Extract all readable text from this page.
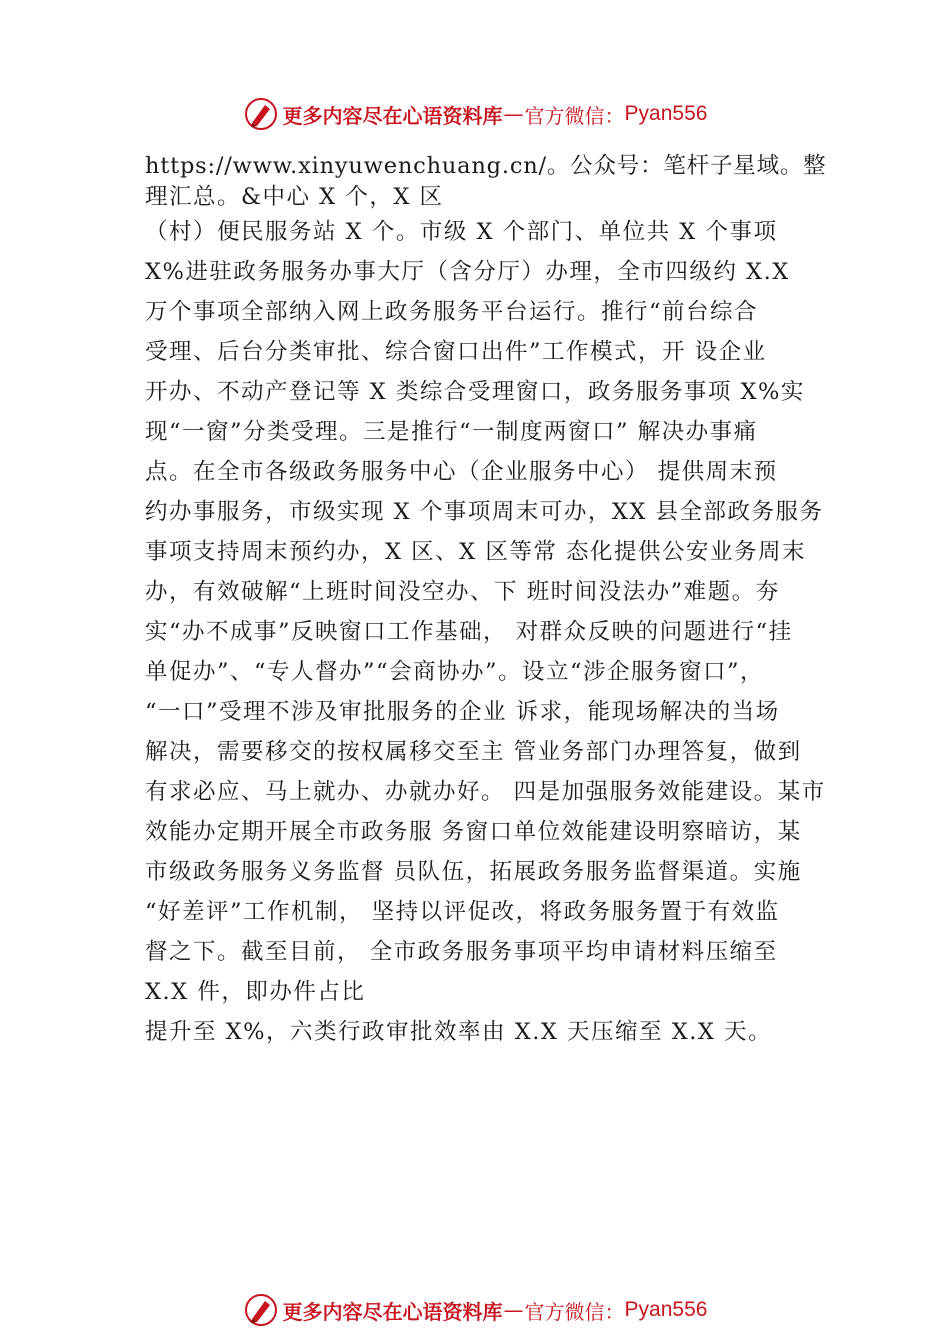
更多内容尽在心语资料库 — 官方微信： Pyan556
https://www.xinyuwenchuang.cn/。公众号：笔杆子星域。整
理汇总。&中心 X 个，X 区
（村）便民服务站 X 个。市级 X 个部门、单位共 X 个事项
X%进驻政务服务办事大厅（含分厅）办理，全市四级约 X.X
万个事项全部纳入网上政务服务平台运行。推行“前台综合
受理、后台分类审批、综合窗口出件”工作模式，开 设企业
开办、不动产登记等 X 类综合受理窗口，政务服务事项 X%实
现“一窗”分类受理。三是推行“一制度两窗口” 解决办事痛
点。在全市各级政务服务中心（企业服务中心） 提供周末预
约办事服务，市级实现 X 个事项周末可办，XX 县全部政务服务
事项支持周末预约办，X 区、X 区等常 态化提供公安业务周末
办，有效破解“上班时间没空办、下 班时间没法办”难题。夯
实“办不成事”反映窗口工作基础， 对群众反映的问题进行“挂
单促办”、“专人督办”“会商协办”。设立“涉企服务窗口”，
“一口”受理不涉及审批服务的企业 诉求，能现场解决的当场
解决，需要移交的按权属移交至主 管业务部门办理答复，做到
有求必应、马上就办、办就办好。 四是加强服务效能建设。某市
效能办定期开展全市政务服 务窗口单位效能建设明察暗访，某
市级政务服务义务监督 员队伍，拓展政务服务监督渠道。实施
“好差评”工作机制， 坚持以评促改，将政务服务置于有效监
督之下。截至目前， 全市政务服务事项平均申请材料压缩至
X.X 件，即办件占比
提升至 X%，六类行政审批效率由 X.X 天压缩至 X.X 天。
更多内容尽在心语资料库 — 官方微信： Pyan556
